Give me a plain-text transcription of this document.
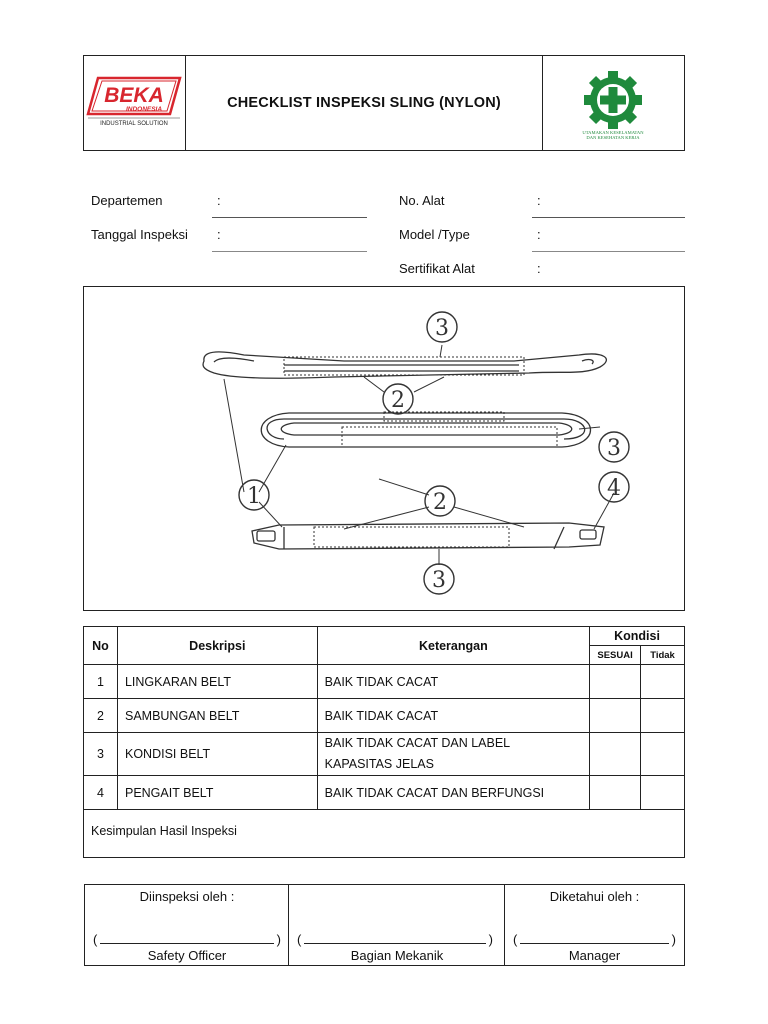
BEKA
INDONESIA
INDUSTRIAL SOLUTION
CHECKLIST INSPEKSI SLING (NYLON)
UTAMAKAN KESELAMATAN
DAN KESEHATAN KERJA
Departemen	:
Tanggal Inspeksi :
No. Alat	:
Model /Type	:
Sertifikat Alat	:
3
2
3
1	2
4
3
No	Deskripsi	Keterangan	Kondisi	
			SESUAI	Tidak
1	LINGKARAN BELT	BAIK TIDAK CACAT		
2	SAMBUNGAN BELT	BAIK TIDAK CACAT		
3	KONDISI BELT	BAIK TIDAK CACAT DAN LABEL
KAPASITAS JELAS		

4	PENGAIT BELT	BAIK TIDAK CACAT DAN BERFUNGSI		
Kesimpulan Hasil Inspeksi				
Diinspeksi oleh :
(	)
Safety Officer
(	)
Bagian Mekanik
Diketahui oleh :
(	)
Manager
